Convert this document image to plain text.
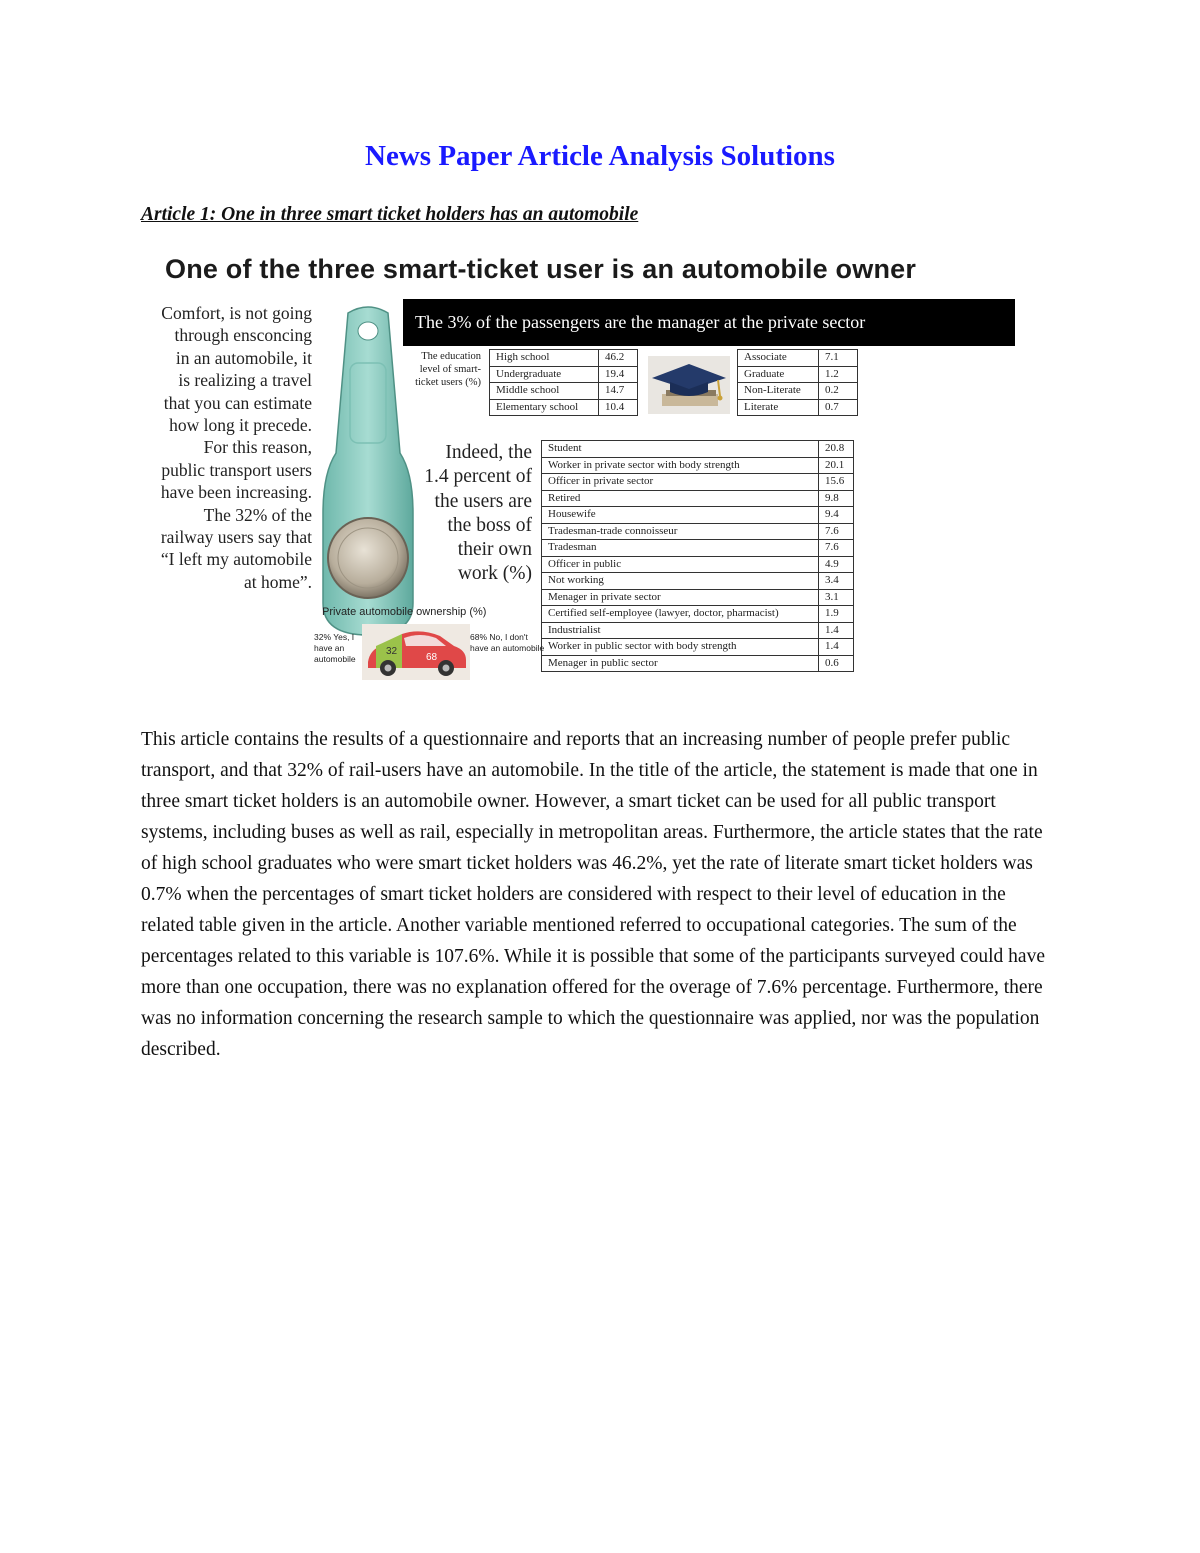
News Paper Article Analysis Solutions
Article 1: One in three smart ticket holders has an automobile
One of the three smart-ticket user is an automobile owner
Comfort, is not going through ensconcing in an automobile, it is realizing a travel that you can estimate how long it precede. For this reason, public transport users have been increasing. The 32% of the railway users say that “I left my automobile at home”.
The 3% of the passengers are the manager at the private sector
The education level of smart-ticket users (%)
High school	46.2
Undergraduate	19.4
Middle school	14.7
Elementary school	10.4
Associate	7.1
Graduate	1.2
Non-Literate	0.2
Literate	0.7
Indeed, the 1.4 percent of the users are the boss of their own work (%)
Student	20.8
Worker in private sector with body strength	20.1
Officer in private sector	15.6
Retired	9.8
Housewife	9.4
Tradesman-trade connoisseur	7.6
Tradesman	7.6
Officer in public	4.9
Not working	3.4
Menager in private sector	3.1
Certified self-employee (lawyer, doctor, pharmacist)	1.9
Industrialist	1.4
Worker in public sector with body strength	1.4
Menager in public sector	0.6
Private automobile ownership (%)
32% Yes, I have an automobile
32
68
68% No, I don't have an automobile
This article contains the results of a questionnaire and reports that an increasing number of people prefer public transport, and that 32% of rail-users have an automobile. In the title of the article, the statement is made that one in three smart ticket holders is an automobile owner. However, a smart ticket can be used for all public transport systems, including buses as well as rail, especially in metropolitan areas. Furthermore, the article states that the rate of high school graduates who were smart ticket holders was 46.2%, yet the rate of literate smart ticket holders was 0.7% when the percentages of smart ticket holders are considered with respect to their level of education in the related table given in the article. Another variable mentioned referred to occupational categories. The sum of the percentages related to this variable is 107.6%. While it is possible that some of the participants surveyed could have more than one occupation, there was no explanation offered for the overage of 7.6% percentage. Furthermore, there was no information concerning the research sample to which the questionnaire was applied, nor was the population described.
